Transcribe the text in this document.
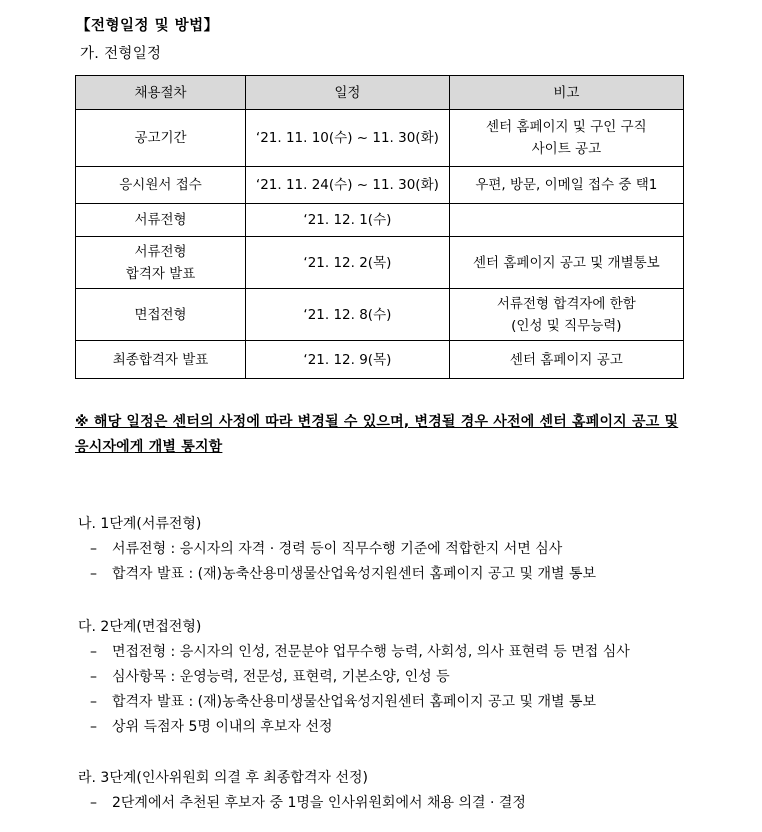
【전형일정 및 방법】
가. 전형일정
채용절차	일정	비고

공고기간	‘21. 11. 10(수) ~ 11. 30(화)	센터 홈페이지 및 구인 구직
사이트 공고

응시원서 접수	‘21. 11. 24(수) ~ 11. 30(화)	우편, 방문, 이메일 접수 중 택1

서류전형	‘21. 12. 1(수)	

서류전형
합격자 발표	‘21. 12. 2(목)	센터 홈페이지 공고 및 개별통보

면접전형	‘21. 12. 8(수)	서류전형 합격자에 한함
(인성 및 직무능력)

최종합격자 발표	‘21. 12. 9(목)	센터 홈페이지 공고
※ 해당 일정은 센터의 사정에 따라 변경될 수 있으며, 변경될 경우 사전에 센터 홈페이지 공고 및 응시자에게 개별 통지함
나. 1단계(서류전형)
– 서류전형 : 응시자의 자격 · 경력 등이 직무수행 기준에 적합한지 서면 심사
– 합격자 발표 : (재)농축산용미생물산업육성지원센터 홈페이지 공고 및 개별 통보
다. 2단계(면접전형)
– 면접전형 : 응시자의 인성, 전문분야 업무수행 능력, 사회성, 의사 표현력 등 면접 심사
– 심사항목 : 운영능력, 전문성, 표현력, 기본소양, 인성 등
– 합격자 발표 : (재)농축산용미생물산업육성지원센터 홈페이지 공고 및 개별 통보
– 상위 득점자 5명 이내의 후보자 선정
라. 3단계(인사위원회 의결 후 최종합격자 선정)
– 2단계에서 추천된 후보자 중 1명을 인사위원회에서 채용 의결 · 결정
